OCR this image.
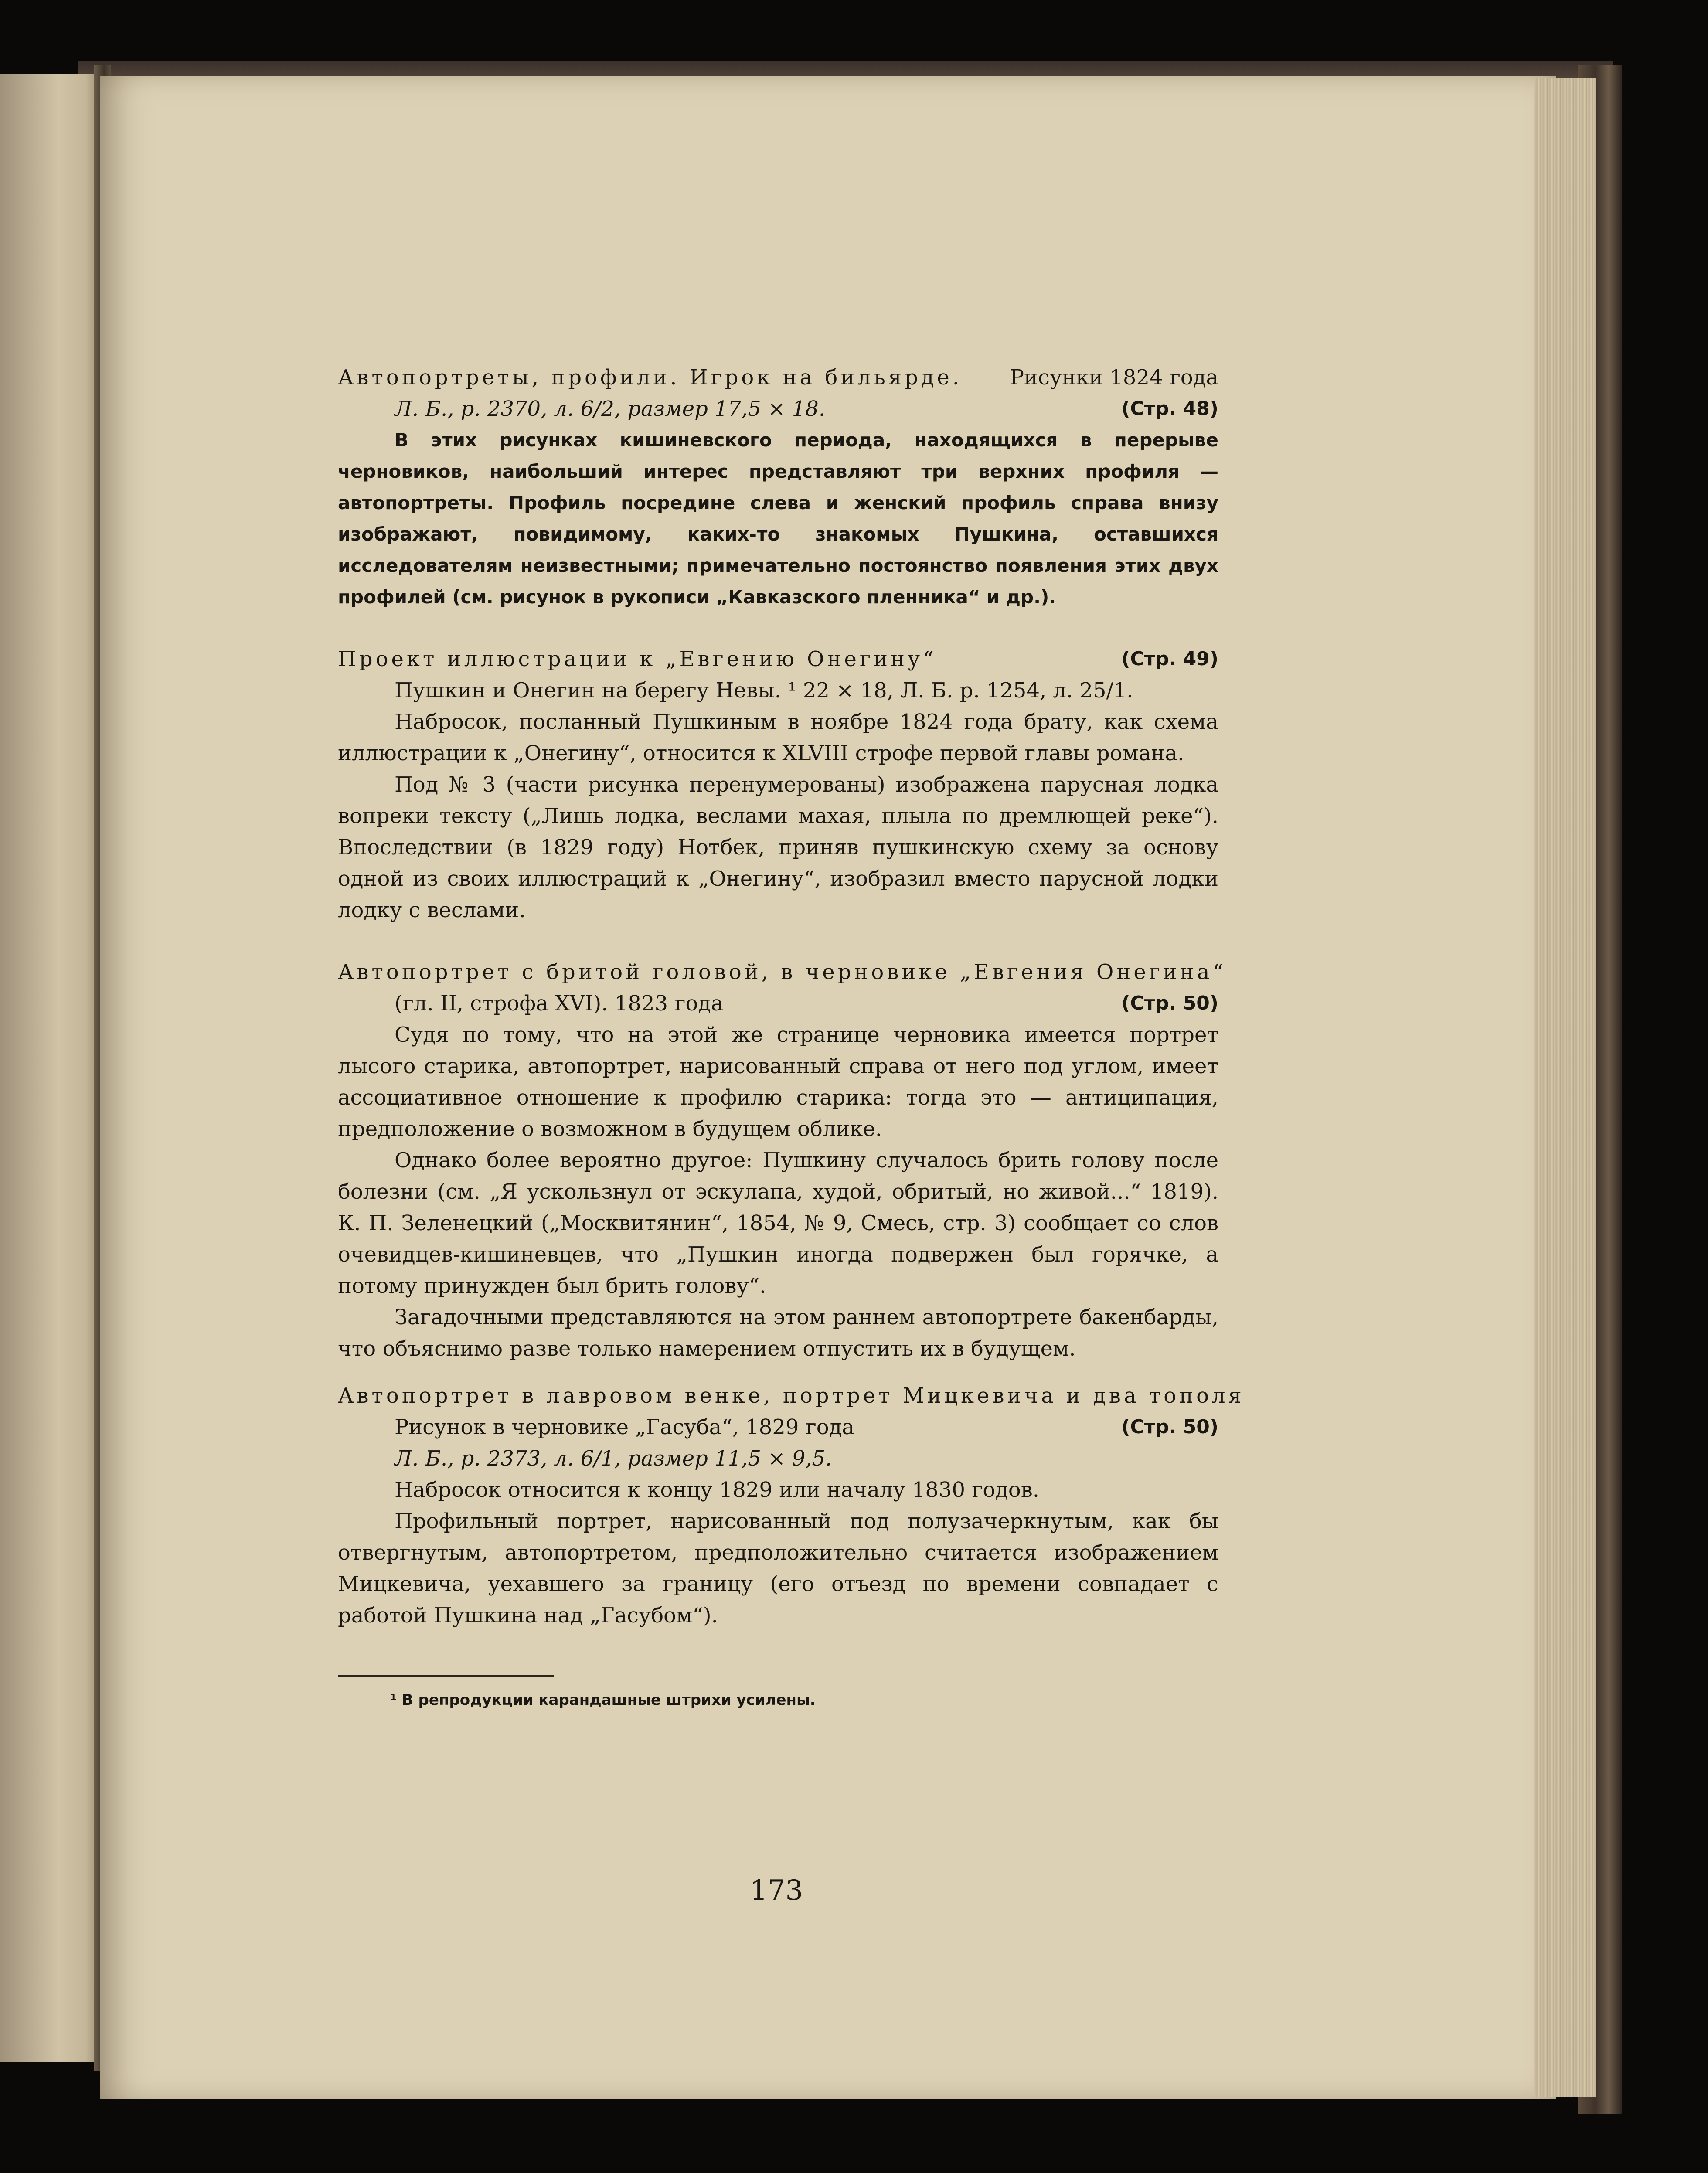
Автопортреты, профили. Игрок на бильярде. Рисунки 1824 года
Л. Б., р. 2370, л. 6/2, размер 17,5 × 18.	(Стр. 48)
В этих рисунках кишиневского периода, находящихся в перерыве черновиков, наибольший интерес представляют три верхних профиля — автопортреты. Профиль посредине слева и женский профиль справа внизу изображают, повидимому, каких-то знакомых Пушкина, оставшихся исследователям неизвестными; примечательно постоянство появления этих двух профилей (см. рисунок в рукописи „Кавказского пленника“ и др.).
Проект иллюстрации к „Евгению Онегину“	(Стр. 49)
Пушкин и Онегин на берегу Невы. ¹ 22 × 18, Л. Б. р. 1254, л. 25/1.
Набросок, посланный Пушкиным в ноябре 1824 года брату, как схема иллюстрации к „Онегину“, относится к XLVIII строфе первой главы романа.
Под № 3 (части рисунка перенумерованы) изображена парусная лодка вопреки тексту („Лишь лодка, веслами махая, плыла по дремлющей реке“). Впоследствии (в 1829 году) Нотбек, приняв пушкинскую схему за основу одной из своих иллюстраций к „Онегину“, изобразил вместо парусной лодки лодку с веслами.
Автопортрет с бритой головой, в черновике „Евгения Онегина“
(гл. II, строфа XVI). 1823 года	(Стр. 50)
Судя по тому, что на этой же странице черновика имеется портрет лысого старика, автопортрет, нарисованный справа от него под углом, имеет ассоциативное отношение к профилю старика: тогда это — антиципация, предположение о возможном в будущем облике.
Однако более вероятно другое: Пушкину случалось брить голову после болезни (см. „Я ускользнул от эскулапа, худой, обритый, но живой...“ 1819). К. П. Зеленецкий („Москвитянин“, 1854, № 9, Смесь, стр. 3) сообщает со слов очевидцев-кишиневцев, что „Пушкин иногда подвержен был горячке, а потому принужден был брить голову“.
Загадочными представляются на этом раннем автопортрете бакенбарды, что объяснимо разве только намерением отпустить их в будущем.
Автопортрет в лавровом венке, портрет Мицкевича и два тополя
Рисунок в черновике „Гасуба“, 1829 года	(Стр. 50)
Л. Б., р. 2373, л. 6/1, размер 11,5 × 9,5.
Набросок относится к концу 1829 или началу 1830 годов.
Профильный портрет, нарисованный под полузачеркнутым, как бы отвергнутым, автопортретом, предположительно считается изображением Мицкевича, уехавшего за границу (его отъезд по времени совпадает с работой Пушкина над „Гасубом“).
¹ В репродукции карандашные штрихи усилены.
173
